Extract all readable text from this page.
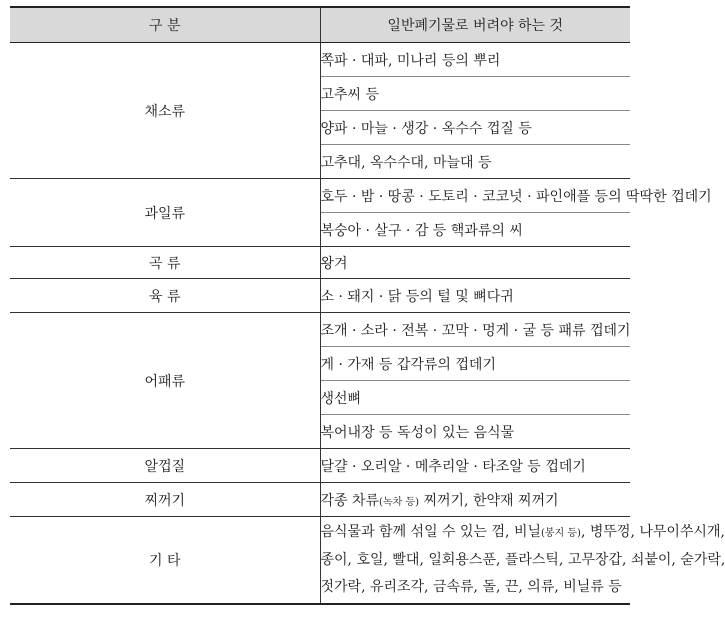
구 분	일반폐기물로 버려야 하는 것
채소류	쪽파 · 대파, 미나리 등의 뿌리
	고추씨 등
	양파 · 마늘 · 생강 · 옥수수 껍질 등
	고추대, 옥수수대, 마늘대 등
과일류	호두 · 밤 · 땅콩 · 도토리 · 코코넛 · 파인애플 등의 딱딱한 껍데기
	복숭아 · 살구 · 감 등 핵과류의 씨
곡 류	왕겨
육 류	소 · 돼지 · 닭 등의 털 및 뼈다귀
어패류	조개 · 소라 · 전복 · 꼬막 · 멍게 · 굴 등 패류 껍데기
	게 · 가재 등 갑각류의 껍데기
	생선뼈
	복어내장 등 독성이 있는 음식물
알껍질	달걀 · 오리알 · 메추리알 · 타조알 등 껍데기
찌꺼기	각종 차류(녹차 등) 찌꺼기, 한약재 찌꺼기
기 타	음식물과 함께 섞일 수 있는 껌, 비닐(봉지 등), 병뚜껑, 나무이쑤시개,
종이, 호일, 빨대, 일회용스푼, 플라스틱, 고무장갑, 쇠붙이, 숟가락,
젓가락, 유리조각, 금속류, 돌, 끈, 의류, 비닐류 등
